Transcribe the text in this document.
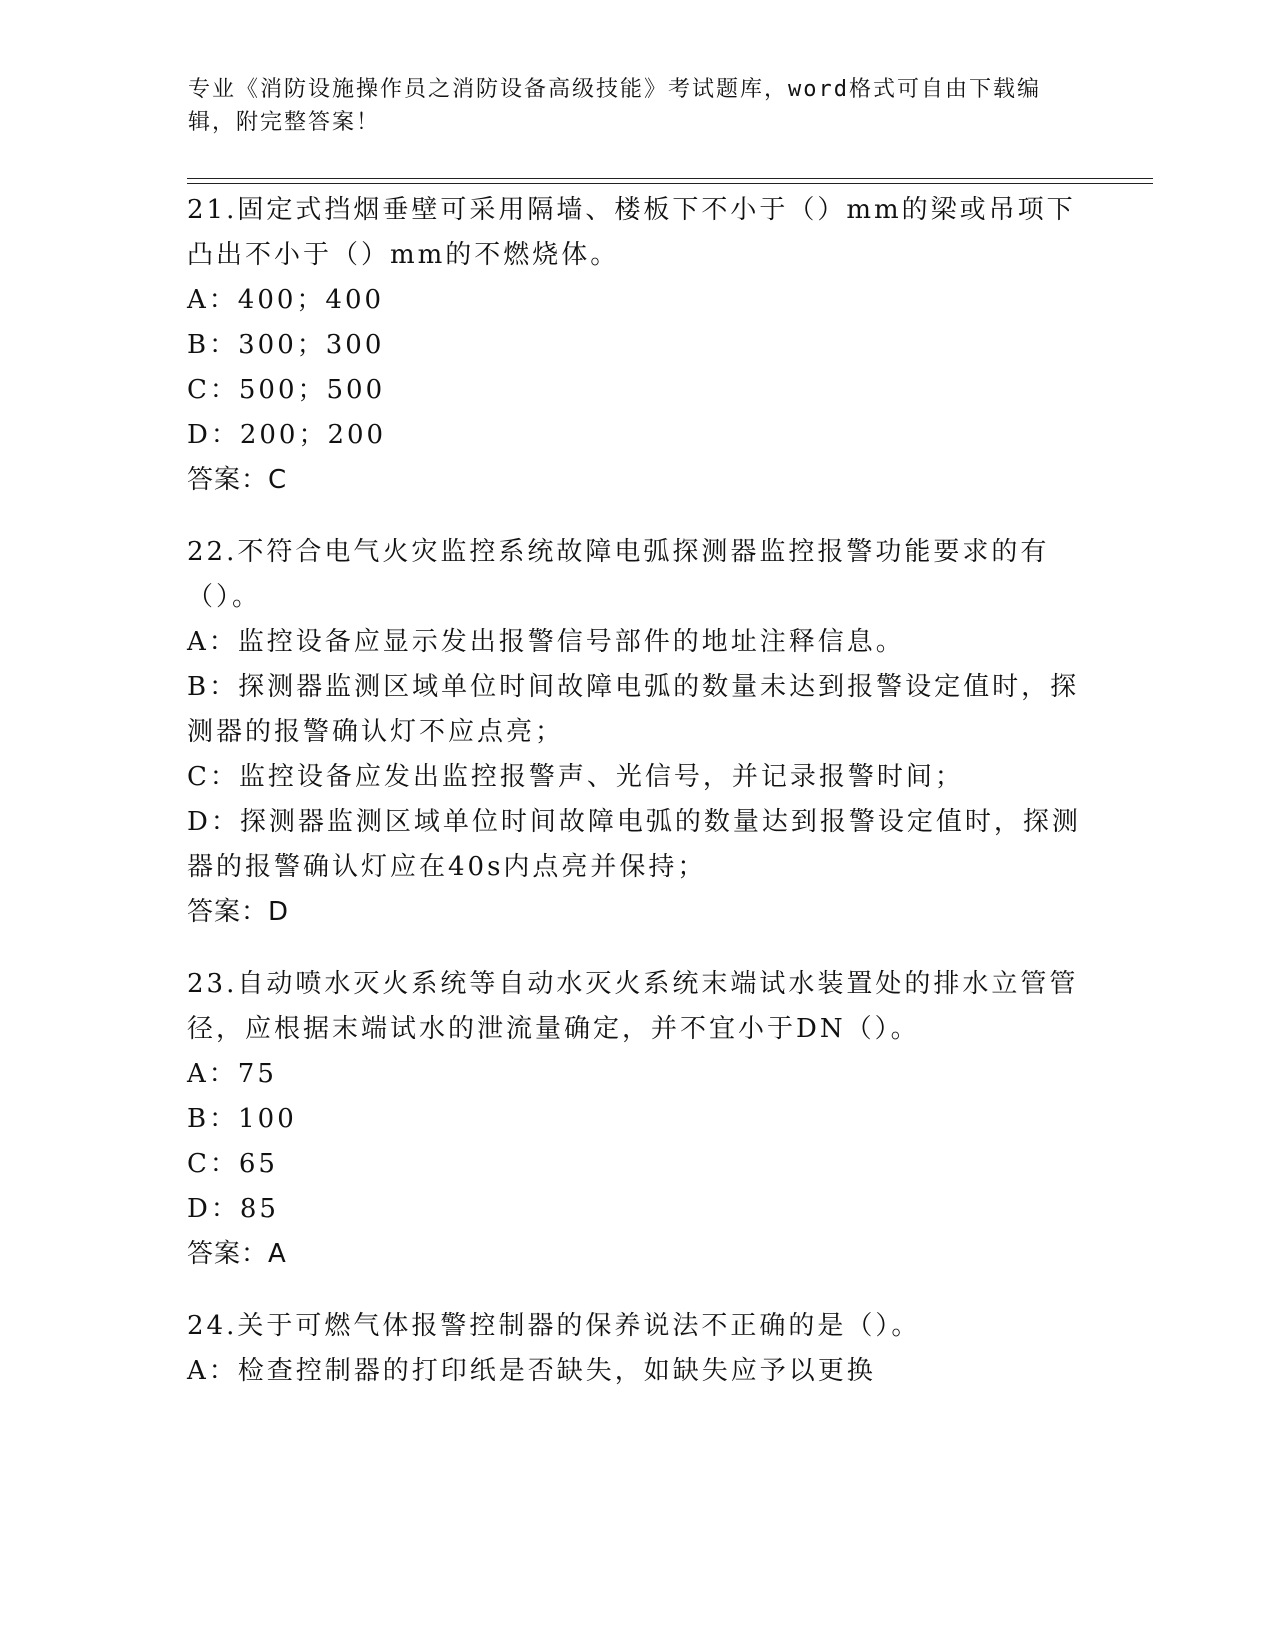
专业《消防设施操作员之消防设备高级技能》考试题库，word格式可自由下载编辑，附完整答案！

21.固定式挡烟垂壁可采用隔墙、楼板下不小于（）mm的梁或吊项下凸出不小于（）mm的不燃烧体。

A：400；400

B：300；300

C：500；500

D：200；200

答案：C

22.不符合电气火灾监控系统故障电弧探测器监控报警功能要求的有（）。

A：监控设备应显示发出报警信号部件的地址注释信息。

B：探测器监测区域单位时间故障电弧的数量未达到报警设定值时，探测器的报警确认灯不应点亮；

C：监控设备应发出监控报警声、光信号，并记录报警时间；

D：探测器监测区域单位时间故障电弧的数量达到报警设定值时，探测器的报警确认灯应在40s内点亮并保持；

答案：D

23.自动喷水灭火系统等自动水灭火系统末端试水装置处的排水立管管径，应根据末端试水的泄流量确定，并不宜小于DN（）。

A：75

B：100

C：65

D：85

答案：A

24.关于可燃气体报警控制器的保养说法不正确的是（）。

A：检查控制器的打印纸是否缺失，如缺失应予以更换
